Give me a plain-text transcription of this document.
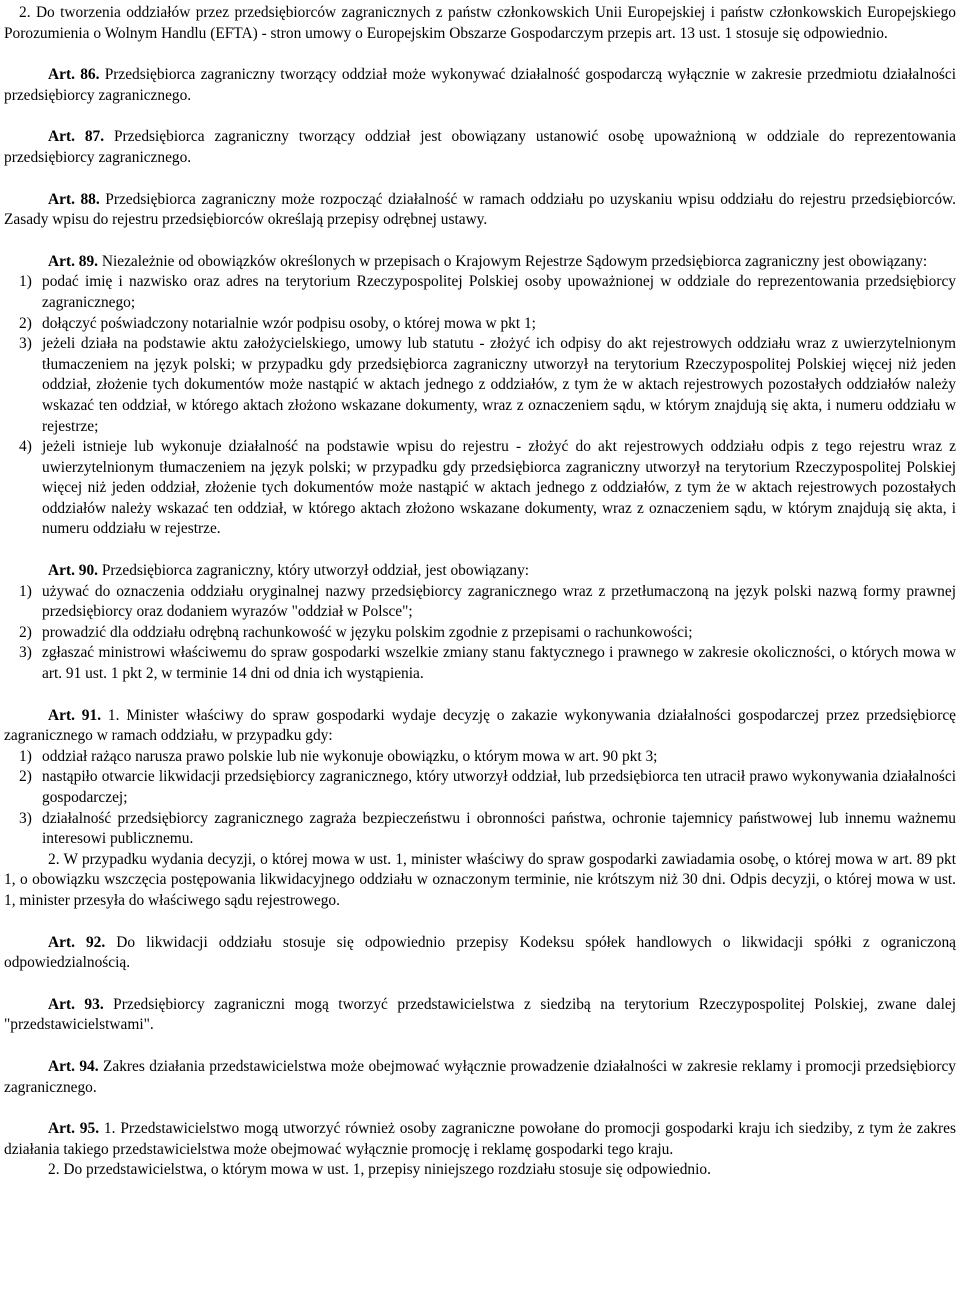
2. Do tworzenia oddziałów przez przedsiębiorców zagranicznych z państw członkowskich Unii Europejskiej i państw członkowskich Europejskiego Porozumienia o Wolnym Handlu (EFTA) - stron umowy o Europejskim Obszarze Gospodarczym przepis art. 13 ust. 1 stosuje się odpowiednio.

Art. 86. Przedsiębiorca zagraniczny tworzący oddział może wykonywać działalność gospodarczą wyłącznie w zakresie przedmiotu działalności przedsiębiorcy zagranicznego.

Art. 87. Przedsiębiorca zagraniczny tworzący oddział jest obowiązany ustanowić osobę upoważnioną w oddziale do reprezentowania przedsiębiorcy zagranicznego.

Art. 88. Przedsiębiorca zagraniczny może rozpocząć działalność w ramach oddziału po uzyskaniu wpisu oddziału do rejestru przedsiębiorców. Zasady wpisu do rejestru przedsiębiorców określają przepisy odrębnej ustawy.

Art. 89. Niezależnie od obowiązków określonych w przepisach o Krajowym Rejestrze Sądowym przedsiębiorca zagraniczny jest obowiązany:

1) podać imię i nazwisko oraz adres na terytorium Rzeczypospolitej Polskiej osoby upoważnionej w oddziale do reprezentowania przedsiębiorcy zagranicznego;
2) dołączyć poświadczony notarialnie wzór podpisu osoby, o której mowa w pkt 1;
3) jeżeli działa na podstawie aktu założycielskiego, umowy lub statutu - złożyć ich odpisy do akt rejestrowych oddziału wraz z uwierzytelnionym tłumaczeniem na język polski; w przypadku gdy przedsiębiorca zagraniczny utworzył na terytorium Rzeczypospolitej Polskiej więcej niż jeden oddział, złożenie tych dokumentów może nastąpić w aktach jednego z oddziałów, z tym że w aktach rejestrowych pozostałych oddziałów należy wskazać ten oddział, w którego aktach złożono wskazane dokumenty, wraz z oznaczeniem sądu, w którym znajdują się akta, i numeru oddziału w rejestrze;
4) jeżeli istnieje lub wykonuje działalność na podstawie wpisu do rejestru - złożyć do akt rejestrowych oddziału odpis z tego rejestru wraz z uwierzytelnionym tłumaczeniem na język polski; w przypadku gdy przedsiębiorca zagraniczny utworzył na terytorium Rzeczypospolitej Polskiej więcej niż jeden oddział, złożenie tych dokumentów może nastąpić w aktach jednego z oddziałów, z tym że w aktach rejestrowych pozostałych oddziałów należy wskazać ten oddział, w którego aktach złożono wskazane dokumenty, wraz z oznaczeniem sądu, w którym znajdują się akta, i numeru oddziału w rejestrze.

Art. 90. Przedsiębiorca zagraniczny, który utworzył oddział, jest obowiązany:

1) używać do oznaczenia oddziału oryginalnej nazwy przedsiębiorcy zagranicznego wraz z przetłumaczoną na język polski nazwą formy prawnej przedsiębiorcy oraz dodaniem wyrazów "oddział w Polsce";
2) prowadzić dla oddziału odrębną rachunkowość w języku polskim zgodnie z przepisami o rachunkowości;
3) zgłaszać ministrowi właściwemu do spraw gospodarki wszelkie zmiany stanu faktycznego i prawnego w zakresie okoliczności, o których mowa w art. 91 ust. 1 pkt 2, w terminie 14 dni od dnia ich wystąpienia.

Art. 91. 1. Minister właściwy do spraw gospodarki wydaje decyzję o zakazie wykonywania działalności gospodarczej przez przedsiębiorcę zagranicznego w ramach oddziału, w przypadku gdy:

1) oddział rażąco narusza prawo polskie lub nie wykonuje obowiązku, o którym mowa w art. 90 pkt 3;
2) nastąpiło otwarcie likwidacji przedsiębiorcy zagranicznego, który utworzył oddział, lub przedsiębiorca ten utracił prawo wykonywania działalności gospodarczej;
3) działalność przedsiębiorcy zagranicznego zagraża bezpieczeństwu i obronności państwa, ochronie tajemnicy państwowej lub innemu ważnemu interesowi publicznemu.

2. W przypadku wydania decyzji, o której mowa w ust. 1, minister właściwy do spraw gospodarki zawiadamia osobę, o której mowa w art. 89 pkt 1, o obowiązku wszczęcia postępowania likwidacyjnego oddziału w oznaczonym terminie, nie krótszym niż 30 dni. Odpis decyzji, o której mowa w ust. 1, minister przesyła do właściwego sądu rejestrowego.

Art. 92. Do likwidacji oddziału stosuje się odpowiednio przepisy Kodeksu spółek handlowych o likwidacji spółki z ograniczoną odpowiedzialnością.

Art. 93. Przedsiębiorcy zagraniczni mogą tworzyć przedstawicielstwa z siedzibą na terytorium Rzeczypospolitej Polskiej, zwane dalej "przedstawicielstwami".

Art. 94. Zakres działania przedstawicielstwa może obejmować wyłącznie prowadzenie działalności w zakresie reklamy i promocji przedsiębiorcy zagranicznego.

Art. 95. 1. Przedstawicielstwo mogą utworzyć również osoby zagraniczne powołane do promocji gospodarki kraju ich siedziby, z tym że zakres działania takiego przedstawicielstwa może obejmować wyłącznie promocję i reklamę gospodarki tego kraju.

2. Do przedstawicielstwa, o którym mowa w ust. 1, przepisy niniejszego rozdziału stosuje się odpowiednio.
